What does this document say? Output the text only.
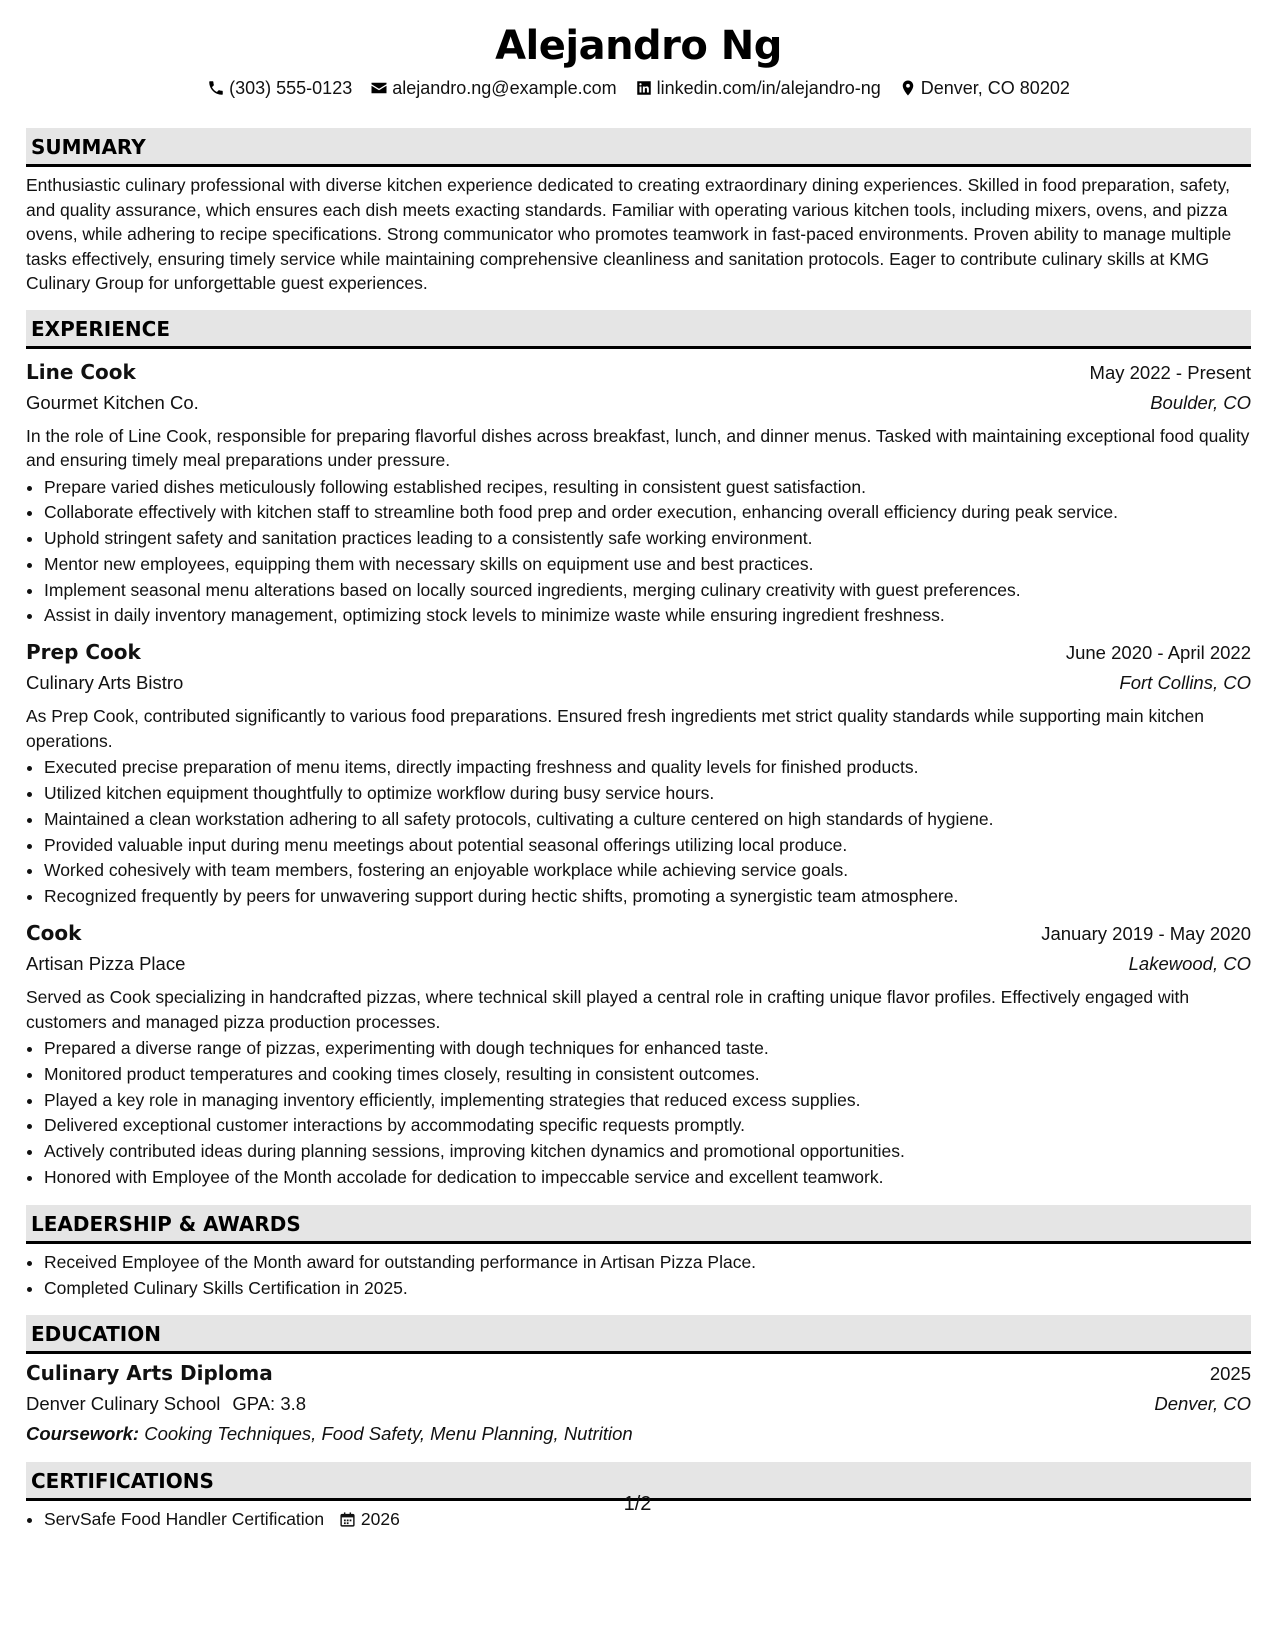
Alejandro Ng
(303) 555-0123 alejandro.ng@example.com linkedin.com/in/alejandro-ng Denver, CO 80202
SUMMARY

Enthusiastic culinary professional with diverse kitchen experience dedicated to creating extraordinary dining experiences. Skilled in food preparation, safety, and quality assurance, which ensures each dish meets exacting standards. Familiar with operating various kitchen tools, including mixers, ovens, and pizza ovens, while adhering to recipe specifications. Strong communicator who promotes teamwork in fast-paced environments. Proven ability to manage multiple tasks effectively, ensuring timely service while maintaining comprehensive cleanliness and sanitation protocols. Eager to contribute culinary skills at KMG Culinary Group for unforgettable guest experiences.

EXPERIENCE
Line Cook	May 2022 - Present
Gourmet Kitchen Co.	Boulder, CO

In the role of Line Cook, responsible for preparing flavorful dishes across breakfast, lunch, and dinner menus. Tasked with maintaining exceptional food quality and ensuring timely meal preparations under pressure.

• Prepare varied dishes meticulously following established recipes, resulting in consistent guest satisfaction.
• Collaborate effectively with kitchen staff to streamline both food prep and order execution, enhancing overall efficiency during peak service.
• Uphold stringent safety and sanitation practices leading to a consistently safe working environment.
• Mentor new employees, equipping them with necessary skills on equipment use and best practices.
• Implement seasonal menu alterations based on locally sourced ingredients, merging culinary creativity with guest preferences.
• Assist in daily inventory management, optimizing stock levels to minimize waste while ensuring ingredient freshness.
Prep Cook	June 2020 - April 2022
Culinary Arts Bistro	Fort Collins, CO

As Prep Cook, contributed significantly to various food preparations. Ensured fresh ingredients met strict quality standards while supporting main kitchen operations.

• Executed precise preparation of menu items, directly impacting freshness and quality levels for finished products.
• Utilized kitchen equipment thoughtfully to optimize workflow during busy service hours.
• Maintained a clean workstation adhering to all safety protocols, cultivating a culture centered on high standards of hygiene.
• Provided valuable input during menu meetings about potential seasonal offerings utilizing local produce.
• Worked cohesively with team members, fostering an enjoyable workplace while achieving service goals.
• Recognized frequently by peers for unwavering support during hectic shifts, promoting a synergistic team atmosphere.
Cook	January 2019 - May 2020
Artisan Pizza Place	Lakewood, CO

Served as Cook specializing in handcrafted pizzas, where technical skill played a central role in crafting unique flavor profiles. Effectively engaged with customers and managed pizza production processes.

• Prepared a diverse range of pizzas, experimenting with dough techniques for enhanced taste.
• Monitored product temperatures and cooking times closely, resulting in consistent outcomes.
• Played a key role in managing inventory efficiently, implementing strategies that reduced excess supplies.
• Delivered exceptional customer interactions by accommodating specific requests promptly.
• Actively contributed ideas during planning sessions, improving kitchen dynamics and promotional opportunities.
• Honored with Employee of the Month accolade for dedication to impeccable service and excellent teamwork.
LEADERSHIP & AWARDS
• Received Employee of the Month award for outstanding performance in Artisan Pizza Place.
• Completed Culinary Skills Certification in 2025.
EDUCATION
Culinary Arts Diploma	2025
Denver Culinary School GPA: 3.8	Denver, CO
Coursework: Cooking Techniques, Food Safety, Menu Planning, Nutrition
CERTIFICATIONS
• ServSafe Food Handler Certification 2026
1/2
